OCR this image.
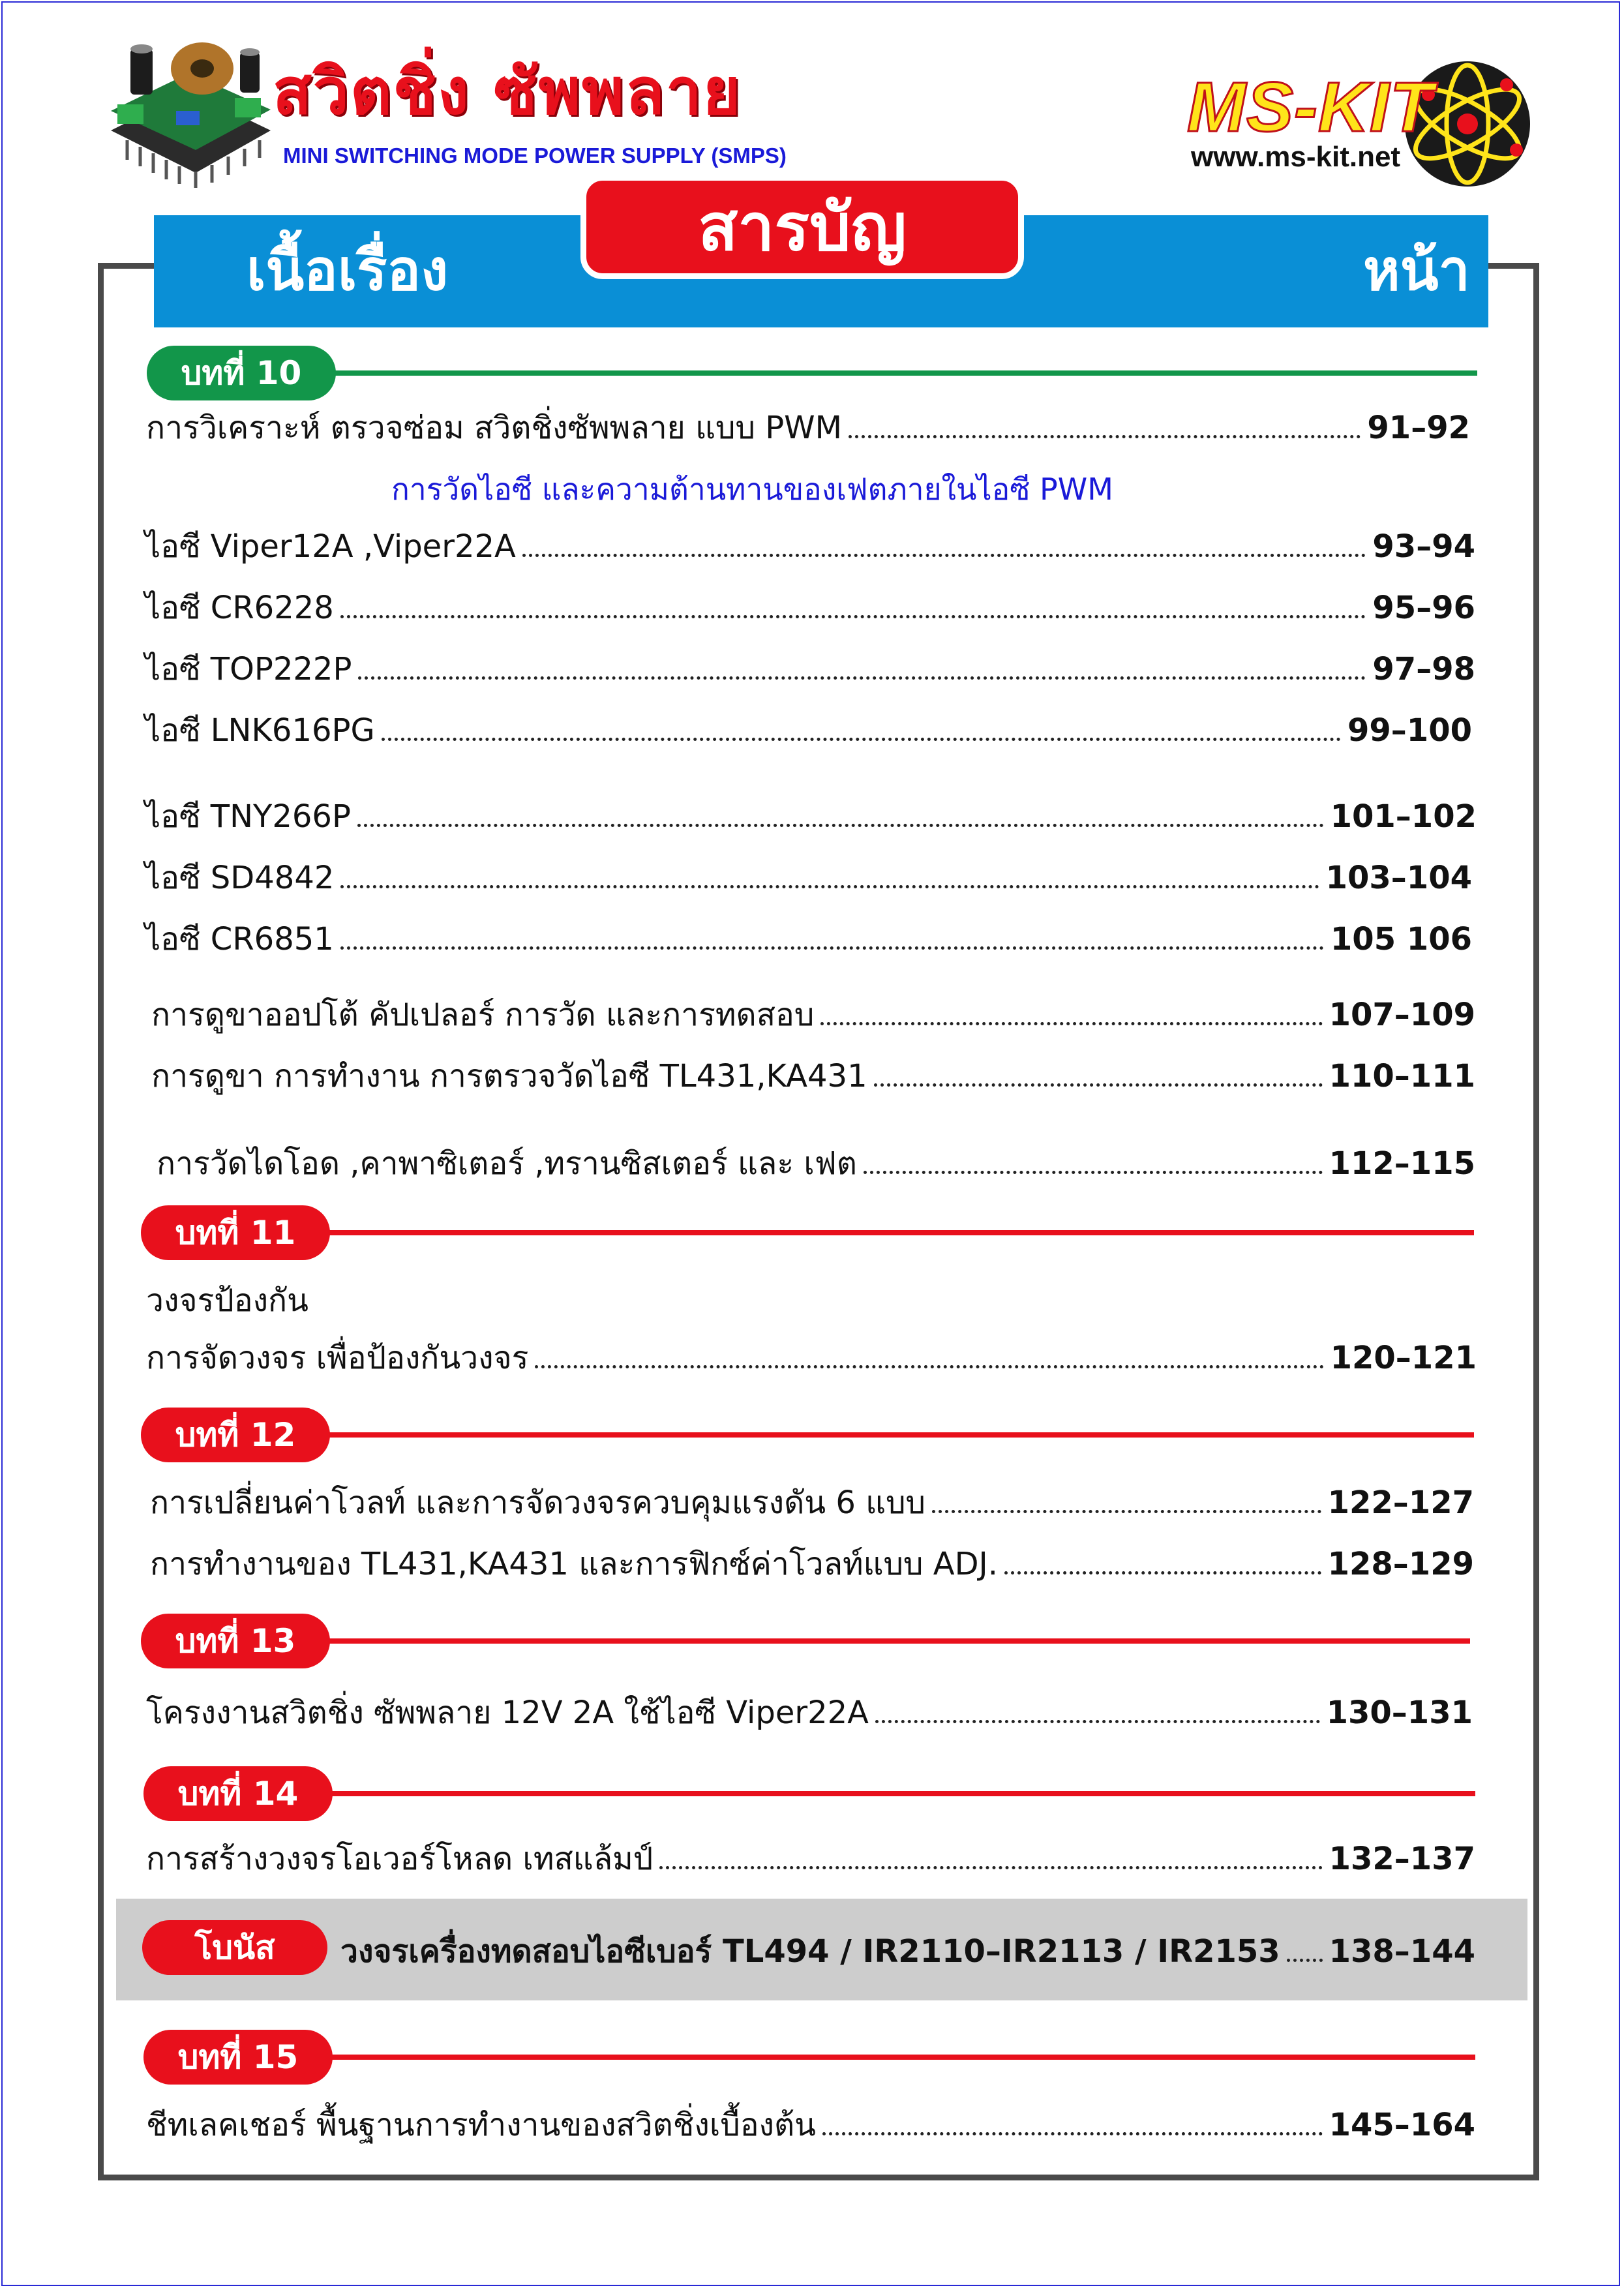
สวิตชิ่ง ซัพพลาย
MINI SWITCHING MODE POWER SUPPLY (SMPS)
MS-KIT
www.ms-kit.net
เนื้อเรื่อง	หน้า
สารบัญ
บทที่ 10
การวิเคราะห์ ตรวจซ่อม สวิตชิ่งซัพพลาย แบบ PWM	91–92
การวัดไอซี และความต้านทานของเฟตภายในไอซี PWM
ไอซี Viper12A ,Viper22A	93–94
ไอซี CR6228	95–96
ไอซี TOP222P	97–98
ไอซี LNK616PG	99–100
ไอซี TNY266P	101–102
ไอซี SD4842	103–104
ไอซี CR6851	105 106
การดูขาออปโต้ คัปเปลอร์ การวัด และการทดสอบ	107–109
การดูขา การทำงาน การตรวจวัดไอซี TL431,KA431	110–111
การวัดไดโอด ,คาพาซิเตอร์ ,ทรานซิสเตอร์ และ เฟต	112–115
บทที่ 11
วงจรป้องกัน
การจัดวงจร เพื่อป้องกันวงจร	120–121
บทที่ 12
การเปลี่ยนค่าโวลท์ และการจัดวงจรควบคุมแรงดัน 6 แบบ	122–127
การทำงานของ TL431,KA431 และการฟิกซ์ค่าโวลท์แบบ ADJ.	128–129
บทที่ 13
โครงงานสวิตชิ่ง ซัพพลาย 12V 2A ใช้ไอซี Viper22A	130–131
บทที่ 14
การสร้างวงจรโอเวอร์โหลด เทสแล้มป์	132–137
โบนัส	วงจรเครื่องทดสอบไอซีเบอร์ TL494 / IR2110–IR2113 / IR2153 138–144
บทที่ 15
ชีทเลคเชอร์ พื้นฐานการทำงานของสวิตชิ่งเบื้องต้น	145–164
